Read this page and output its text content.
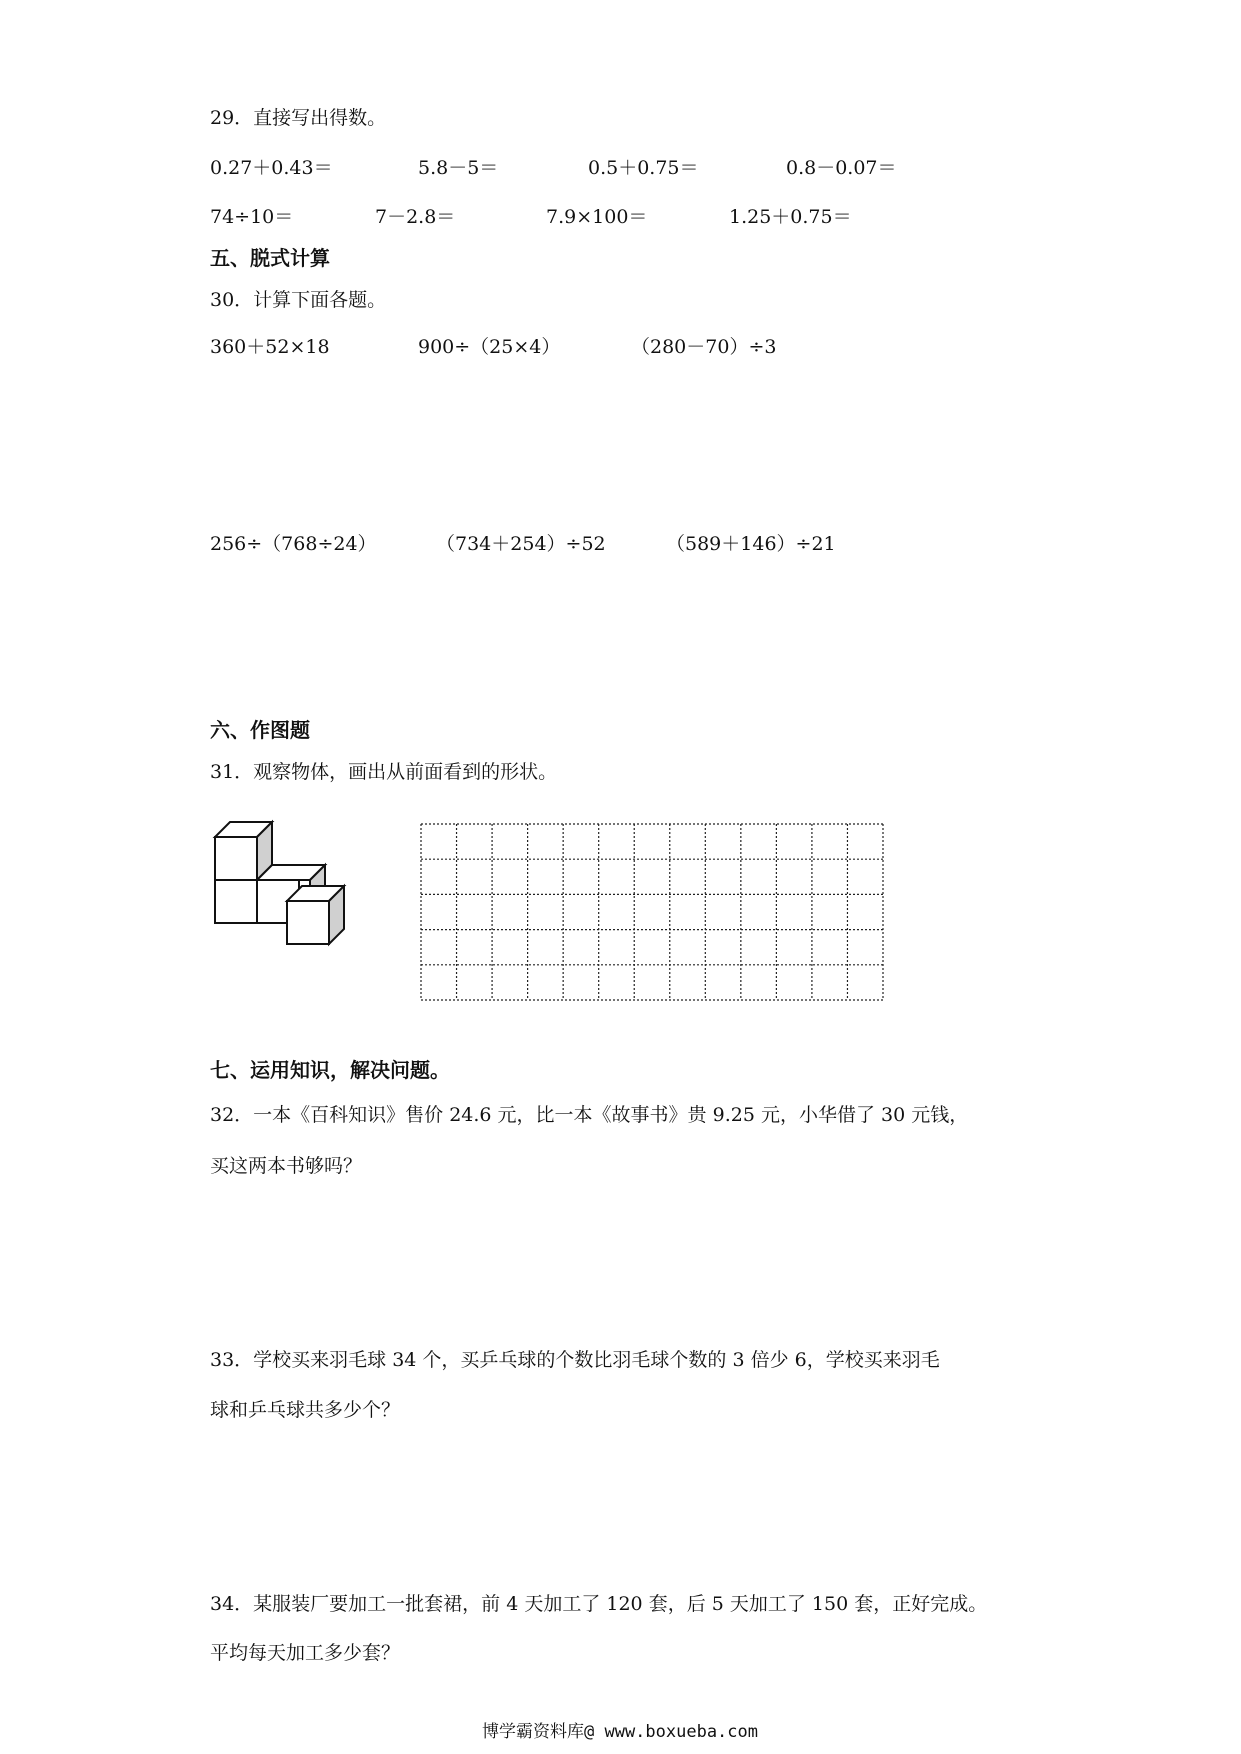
29．直接写出得数。
0.27＋0.43＝	5.8－5＝	0.5＋0.75＝	0.8－0.07＝
74÷10＝	7－2.8＝	7.9×100＝	1.25＋0.75＝
五、脱式计算
30．计算下面各题。
360＋52×18	900÷（25×4）	（280－70）÷3
256÷（768÷24）	（734＋254）÷52	（589＋146）÷21
六、作图题
31．观察物体，画出从前面看到的形状。
七、运用知识，解决问题。
32．一本《百科知识》售价 24.6 元，比一本《故事书》贵 9.25 元，小华借了 30 元钱，
买这两本书够吗？
33．学校买来羽毛球 34 个，买乒乓球的个数比羽毛球个数的 3 倍少 6，学校买来羽毛
球和乒乓球共多少个？
34．某服装厂要加工一批套裙，前 4 天加工了 120 套，后 5 天加工了 150 套，正好完成。
平均每天加工多少套？
博学霸资料库@ www.boxueba.com
